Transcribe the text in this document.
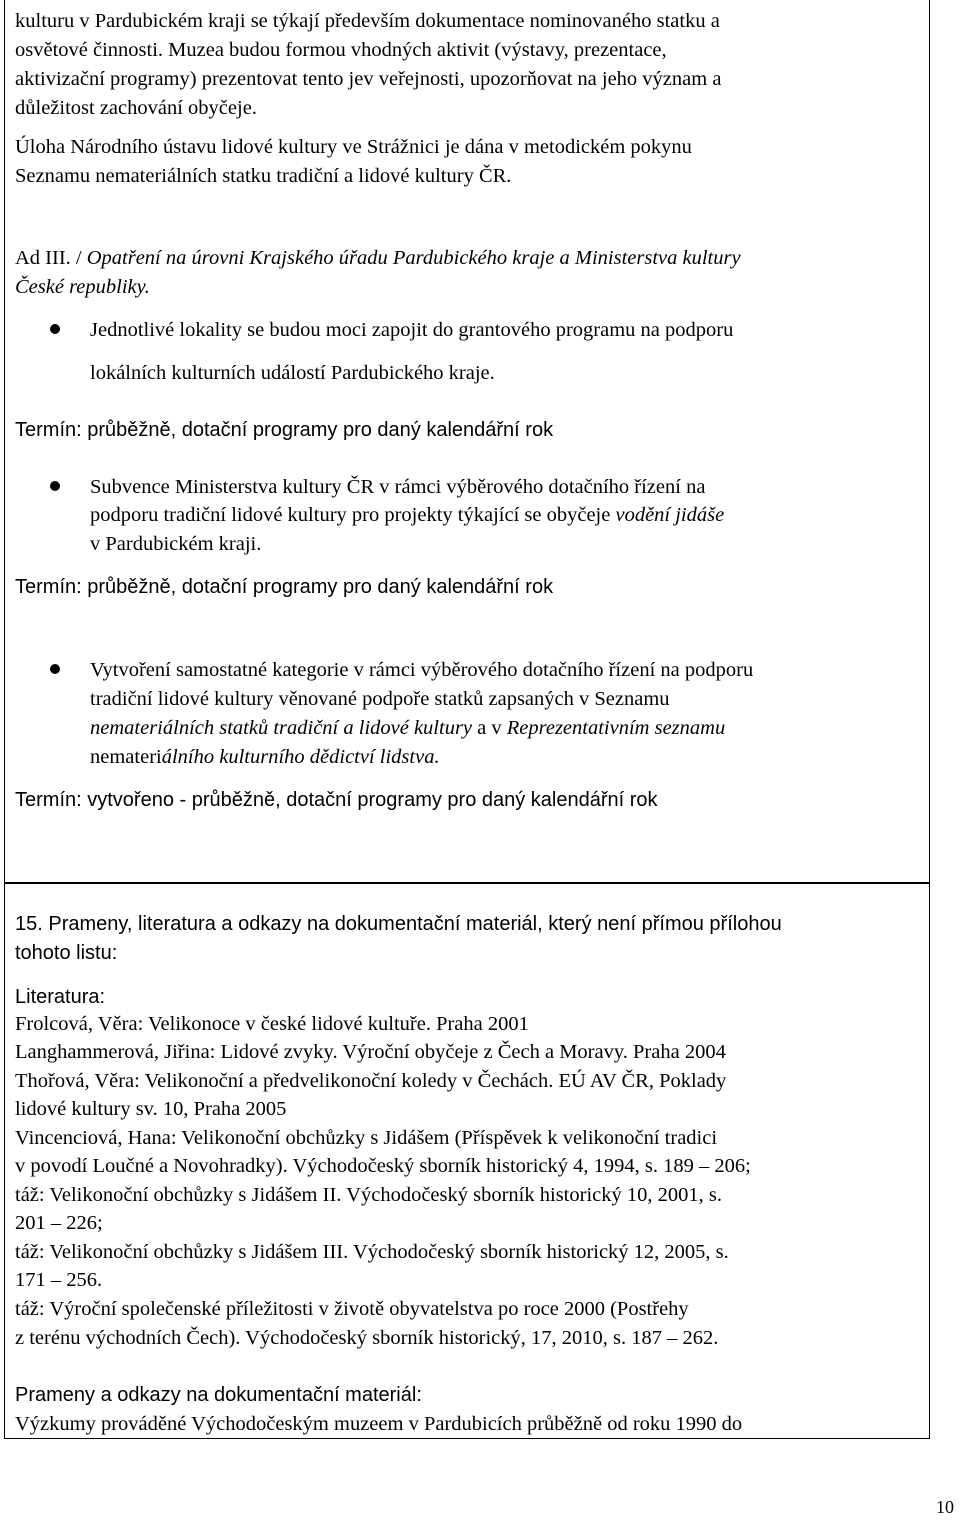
kulturu v Pardubickém kraji se týkají především dokumentace nominovaného statku a
osvětové činnosti. Muzea budou formou vhodných aktivit (výstavy, prezentace,
aktivizační programy) prezentovat tento jev veřejnosti, upozorňovat na jeho význam a
důležitost zachování obyčeje.
Úloha Národního ústavu lidové kultury ve Strážnici je dána v metodickém pokynu
Seznamu nemateriálních statku tradiční a lidové kultury ČR.
Ad III. / Opatření na úrovni Krajského úřadu Pardubického kraje a Ministerstva kultury
České republiky.
Jednotlivé lokality se budou moci zapojit do grantového programu na podporu
lokálních kulturních událostí Pardubického kraje.
Termín: průběžně, dotační programy pro daný kalendářní rok
Subvence Ministerstva kultury ČR v rámci výběrového dotačního řízení na
podporu tradiční lidové kultury pro projekty týkající se obyčeje vodění jidáše
v Pardubickém kraji.
Termín: průběžně, dotační programy pro daný kalendářní rok
Vytvoření samostatné kategorie v rámci výběrového dotačního řízení na podporu
tradiční lidové kultury věnované podpoře statků zapsaných v Seznamu
nemateriálních statků tradiční a lidové kultury a v Reprezentativním seznamu
nemateriálního kulturního dědictví lidstva.
Termín: vytvořeno - průběžně, dotační programy pro daný kalendářní rok
15. Prameny, literatura a odkazy na dokumentační materiál, který není přímou přílohou
tohoto listu:
Literatura:
Frolcová, Věra: Velikonoce v české lidové kultuře. Praha 2001
Langhammerová, Jiřina: Lidové zvyky. Výroční obyčeje z Čech a Moravy. Praha 2004
Thořová, Věra: Velikonoční a předvelikonoční koledy v Čechách. EÚ AV ČR, Poklady
lidové kultury sv. 10, Praha 2005
Vincenciová, Hana: Velikonoční obchůzky s Jidášem (Příspěvek k velikonoční tradici
v povodí Loučné a Novohradky). Východočeský sborník historický 4, 1994, s. 189 – 206;
táž: Velikonoční obchůzky s Jidášem II. Východočeský sborník historický 10, 2001, s.
201 – 226;
táž: Velikonoční obchůzky s Jidášem III. Východočeský sborník historický 12, 2005, s.
171 – 256.
táž: Výroční společenské příležitosti v životě obyvatelstva po roce 2000 (Postřehy
z terénu východních Čech). Východočeský sborník historický, 17, 2010, s. 187 – 262.
Prameny a odkazy na dokumentační materiál:
Výzkumy prováděné Východočeským muzeem v Pardubicích průběžně od roku 1990 do
10
